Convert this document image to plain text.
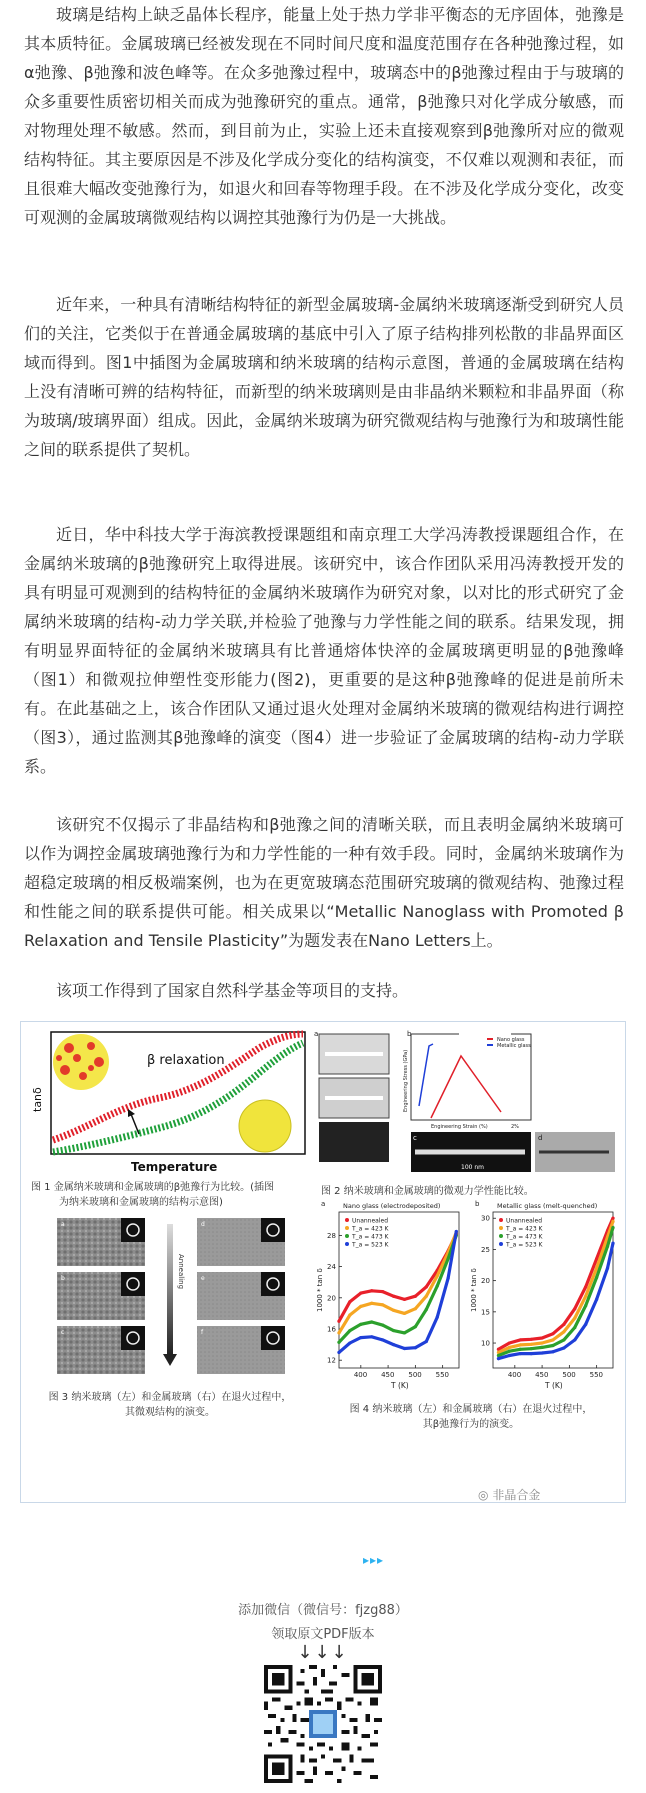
玻璃是结构上缺乏晶体长程序，能量上处于热力学非平衡态的无序固体，弛豫是其本质特征。金属玻璃已经被发现在不同时间尺度和温度范围存在各种弛豫过程，如α弛豫、β弛豫和波色峰等。在众多弛豫过程中，玻璃态中的β弛豫过程由于与玻璃的众多重要性质密切相关而成为弛豫研究的重点。通常，β弛豫只对化学成分敏感，而对物理处理不敏感。然而，到目前为止，实验上还未直接观察到β弛豫所对应的微观结构特征。其主要原因是不涉及化学成分变化的结构演变，不仅难以观测和表征，而且很难大幅改变弛豫行为，如退火和回春等物理手段。在不涉及化学成分变化，改变可观测的金属玻璃微观结构以调控其弛豫行为仍是一大挑战。

近年来，一种具有清晰结构特征的新型金属玻璃-金属纳米玻璃逐渐受到研究人员们的关注，它类似于在普通金属玻璃的基底中引入了原子结构排列松散的非晶界面区域而得到。图1中插图为金属玻璃和纳米玻璃的结构示意图，普通的金属玻璃在结构上没有清晰可辨的结构特征，而新型的纳米玻璃则是由非晶纳米颗粒和非晶界面（称为玻璃/玻璃界面）组成。因此，金属纳米玻璃为研究微观结构与弛豫行为和玻璃性能之间的联系提供了契机。

近日，华中科技大学于海滨教授课题组和南京理工大学冯涛教授课题组合作，在金属纳米玻璃的β弛豫研究上取得进展。该研究中，该合作团队采用冯涛教授开发的具有明显可观测到的结构特征的金属纳米玻璃作为研究对象，以对比的形式研究了金属纳米玻璃的结构-动力学关联,并检验了弛豫与力学性能之间的联系。结果发现，拥有明显界面特征的金属纳米玻璃具有比普通熔体快淬的金属玻璃更明显的β弛豫峰（图1）和微观拉伸塑性变形能力(图2)，更重要的是这种β弛豫峰的促进是前所未有。在此基础之上，该合作团队又通过退火处理对金属纳米玻璃的微观结构进行调控（图3），通过监测其β弛豫峰的演变（图4）进一步验证了金属玻璃的结构-动力学联系。

该研究不仅揭示了非晶结构和β弛豫之间的清晰关联，而且表明金属纳米玻璃可以作为调控金属玻璃弛豫行为和力学性能的一种有效手段。同时，金属纳米玻璃作为超稳定玻璃的相反极端案例，也为在更宽玻璃态范围研究玻璃的微观结构、弛豫过程和性能之间的联系提供可能。相关成果以“Metallic Nanoglass with Promoted β Relaxation and Tensile Plasticity”为题发表在Nano Letters上。

该项工作得到了国家自然科学基金等项目的支持。

β relaxation
tanδ
Temperature
图 1 金属纳米玻璃和金属玻璃的β弛豫行为比较。(插图
为纳米玻璃和金属玻璃的结构示意图)
Nano glass
Metallic glass
Engineering Stress (GPa)
Engineering Strain (%)	2%
a	b
c	d
100 nm
图 2 纳米玻璃和金属玻璃的微观力学性能比较。
a
b
c
d
e
f
Annealing
图 3 纳米玻璃（左）和金属玻璃（右）在退火过程中，
其微观结构的演变。
a	Nano glass (electrodeposited)
400 450 500 550
12
16
20
24
28
T (K)
1000 * tan δ
Unannealed
T_a = 423 K
T_a = 473 K
T_a = 523 K
b	Metallic glass (melt-quenched)
400 450 500 550
10
15
20
25
30
T (K)
1000 * tan δ
Unannealed
T_a = 423 K
T_a = 473 K
T_a = 523 K
图 4 纳米玻璃（左）和金属玻璃（右）在退火过程中，
其β弛豫行为的演变。
◎ 非晶合金
▸▸▸
添加微信（微信号：fjzg88）
领取原文PDF版本
↓↓↓
